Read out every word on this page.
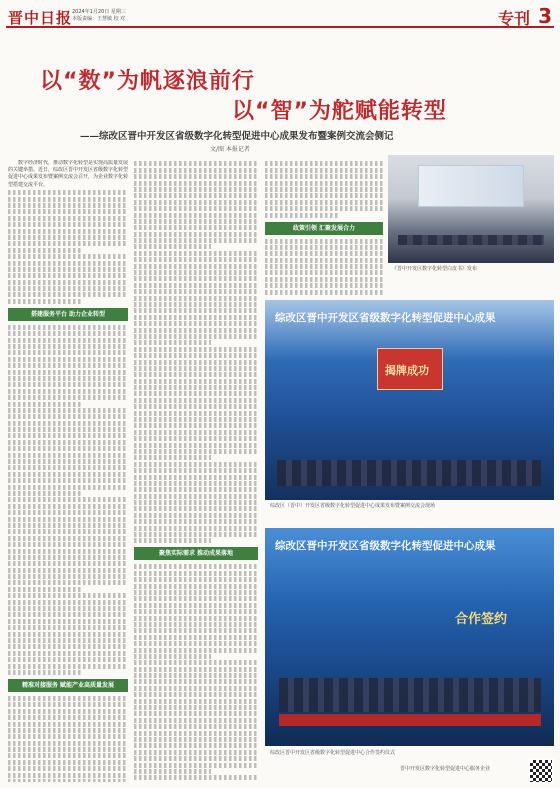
晋中日报 2024年1月20日 星期三
本版责编：王慧敏 校 对	专刊 3
以“数”为帆逐浪前行
以“智”为舵赋能转型
——综改区晋中开发区省级数字化转型促进中心成果发布暨案例交流会侧记
文/图 本报记者

数字经济时代，推动数字化转型是实现高质量发展的关键举措。近日，综改区晋中开发区省级数字化转型促进中心成果发布暨案例交流会召开，为企业数字化转型搭建交流平台。

搭建服务平台 助力企业转型
精准对接服务 赋能产业高质量发展
聚焦实际需求 推动成果落地
政策引领 汇聚发展合力
《晋中开发区数字化转型白皮书》发布
综改区晋中开发区省级数字化转型促进中心成果
揭牌成功
综改区（晋中）开发区省级数字化转型促进中心成果发布暨案例交流会现场
综改区晋中开发区省级数字化转型促进中心成果
合作签约
综改区晋中开发区省级数字化转型促进中心合作签约仪式
晋中开发区数字化转型促进中心服务企业
